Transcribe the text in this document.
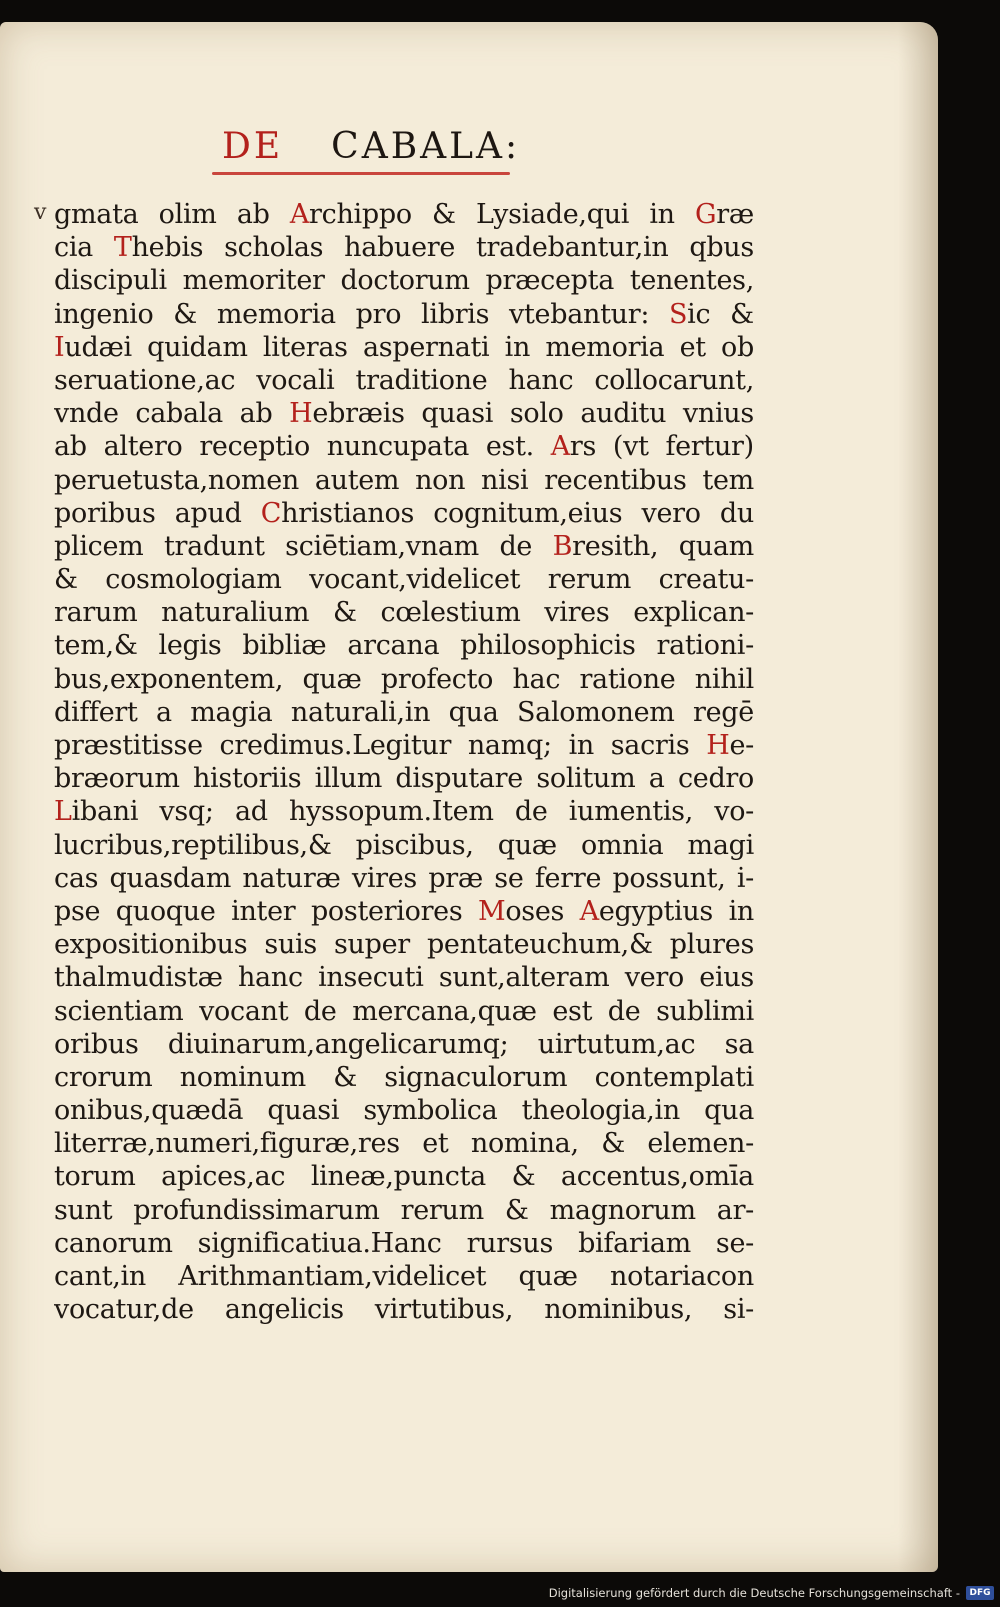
DE CABALA:
v gmata olim ab Archippo & Lysiade,qui in Græ
cia Thebis scholas habuere tradebantur,in qbus
discipuli memoriter doctorum præcepta tenentes,
ingenio & memoria pro libris vtebantur: Sic &
Iudæi quidam literas aspernati in memoria et ob
seruatione,ac vocali traditione hanc collocarunt,
vnde cabala ab Hebræis quasi solo auditu vnius
ab altero receptio nuncupata est. Ars (vt fertur)
peruetusta,nomen autem non nisi recentibus tem
poribus apud Christianos cognitum,eius vero du
plicem tradunt sciētiam,vnam de Bresith, quam
& cosmologiam vocant,videlicet rerum creatu-
rarum naturalium & cœlestium vires explican-
tem,& legis bibliæ arcana philosophicis rationi-
bus,exponentem, quæ profecto hac ratione nihil
differt a magia naturali,in qua Salomonem regē
præstitisse credimus.Legitur namq; in sacris He-
bræorum historiis illum disputare solitum a cedro
Libani vsq; ad hyssopum.Item de iumentis, vo-
lucribus,reptilibus,& piscibus, quæ omnia magi
cas quasdam naturæ vires præ se ferre possunt, i-
pse quoque inter posteriores Moses Aegyptius in
expositionibus suis super pentateuchum,& plures
thalmudistæ hanc insecuti sunt,alteram vero eius
scientiam vocant de mercana,quæ est de sublimi
oribus diuinarum,angelicarumq; uirtutum,ac sa
crorum nominum & signaculorum contemplati
onibus,quædā quasi symbolica theologia,in qua
literræ,numeri,figuræ,res et nomina, & elemen-
torum apices,ac lineæ,puncta & accentus,omīa
sunt profundissimarum rerum & magnorum ar-
canorum significatiua.Hanc rursus bifariam se-
cant,in Arithmantiam,videlicet quæ notariacon
vocatur,de angelicis virtutibus, nominibus, si-
Digitalisierung gefördert durch die Deutsche Forschungsgemeinschaft -	DFG
